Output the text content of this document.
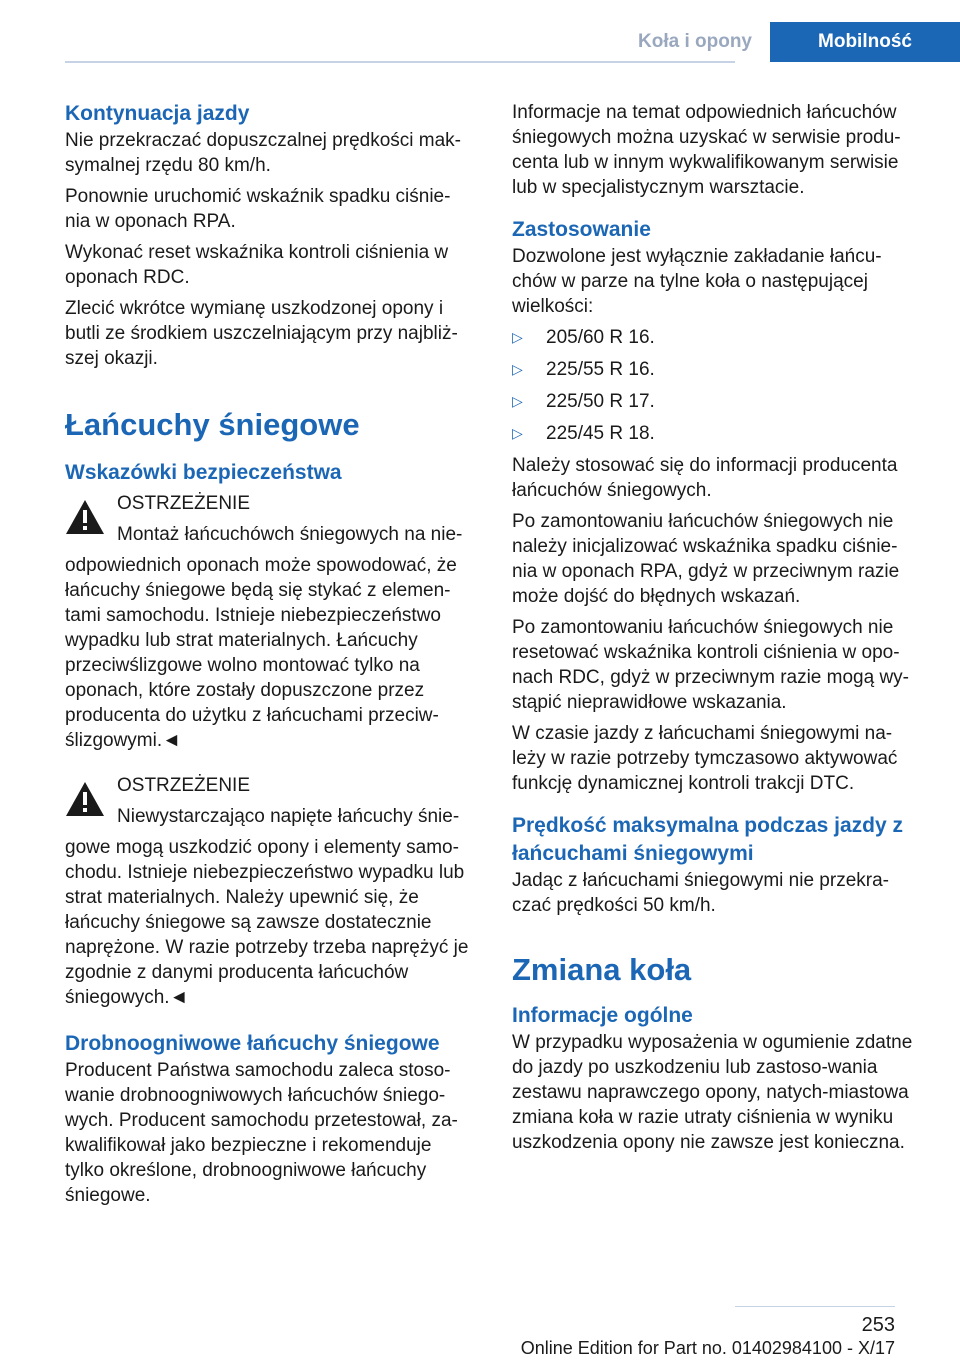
Koła i opony	Mobilność
Kontynuacja jazdy

Nie przekraczać dopuszczalnej prędkości mak-symalnej rzędu 80 km/h.

Ponownie uruchomić wskaźnik spadku ciśnie-nia w oponach RPA.

Wykonać reset wskaźnika kontroli ciśnienia w oponach RDC.

Zlecić wkrótce wymianę uszkodzonej opony i butli ze środkiem uszczelniającym przy najbliż-szej okazji.

Łańcuchy śniegowe
Wskazówki bezpieczeństwa

OSTRZEŻENIE

Montaż łańcuchówch śniegowych na nie-

odpowiednich oponach może spowodować, że łańcuchy śniegowe będą się stykać z elemen-tami samochodu. Istnieje niebezpieczeństwo wypadku lub strat materialnych. Łańcuchy przeciwślizgowe wolno montować tylko na oponach, które zostały dopuszczone przez producenta do użytku z łańcuchami przeciw-ślizgowymi.◄

OSTRZEŻENIE

Niewystarczająco napięte łańcuchy śnie-

gowe mogą uszkodzić opony i elementy samo-chodu. Istnieje niebezpieczeństwo wypadku lub strat materialnych. Należy upewnić się, że łańcuchy śniegowe są zawsze dostatecznie naprężone. W razie potrzeby trzeba naprężyć je zgodnie z danymi producenta łańcuchów śniegowych.◄

Drobnoogniwowe łańcuchy śniegowe

Producent Państwa samochodu zaleca stoso-wanie drobnoogniwowych łańcuchów śniego-wych. Producent samochodu przetestował, za-kwalifikował jako bezpieczne i rekomenduje tylko określone, drobnoogniwowe łańcuchy śniegowe.

Informacje na temat odpowiednich łańcuchów śniegowych można uzyskać w serwisie produ-centa lub w innym wykwalifikowanym serwisie lub w specjalistycznym warsztacie.

Zastosowanie

Dozwolone jest wyłącznie zakładanie łańcu-chów w parze na tylne koła o następującej wielkości:

▷ 205/60 R 16.
▷ 225/55 R 16.
▷ 225/50 R 17.
▷ 225/45 R 18.

Należy stosować się do informacji producenta łańcuchów śniegowych.

Po zamontowaniu łańcuchów śniegowych nie należy inicjalizować wskaźnika spadku ciśnie-nia w oponach RPA, gdyż w przeciwnym razie może dojść do błędnych wskazań.

Po zamontowaniu łańcuchów śniegowych nie resetować wskaźnika kontroli ciśnienia w opo-nach RDC, gdyż w przeciwnym razie mogą wy-stąpić nieprawidłowe wskazania.

W czasie jazdy z łańcuchami śniegowymi na-leży w razie potrzeby tymczasowo aktywować funkcję dynamicznej kontroli trakcji DTC.

Prędkość maksymalna podczas jazdy z łańcuchami śniegowymi

Jadąc z łańcuchami śniegowymi nie przekra-czać prędkości 50 km/h.

Zmiana koła
Informacje ogólne

W przypadku wyposażenia w ogumienie zdatne do jazdy po uszkodzeniu lub zastoso-wania zestawu naprawczego opony, natych-miastowa zmiana koła w razie utraty ciśnienia w wyniku uszkodzenia opony nie zawsze jest konieczna.

253
Online Edition for Part no. 01402984100 - X/17
